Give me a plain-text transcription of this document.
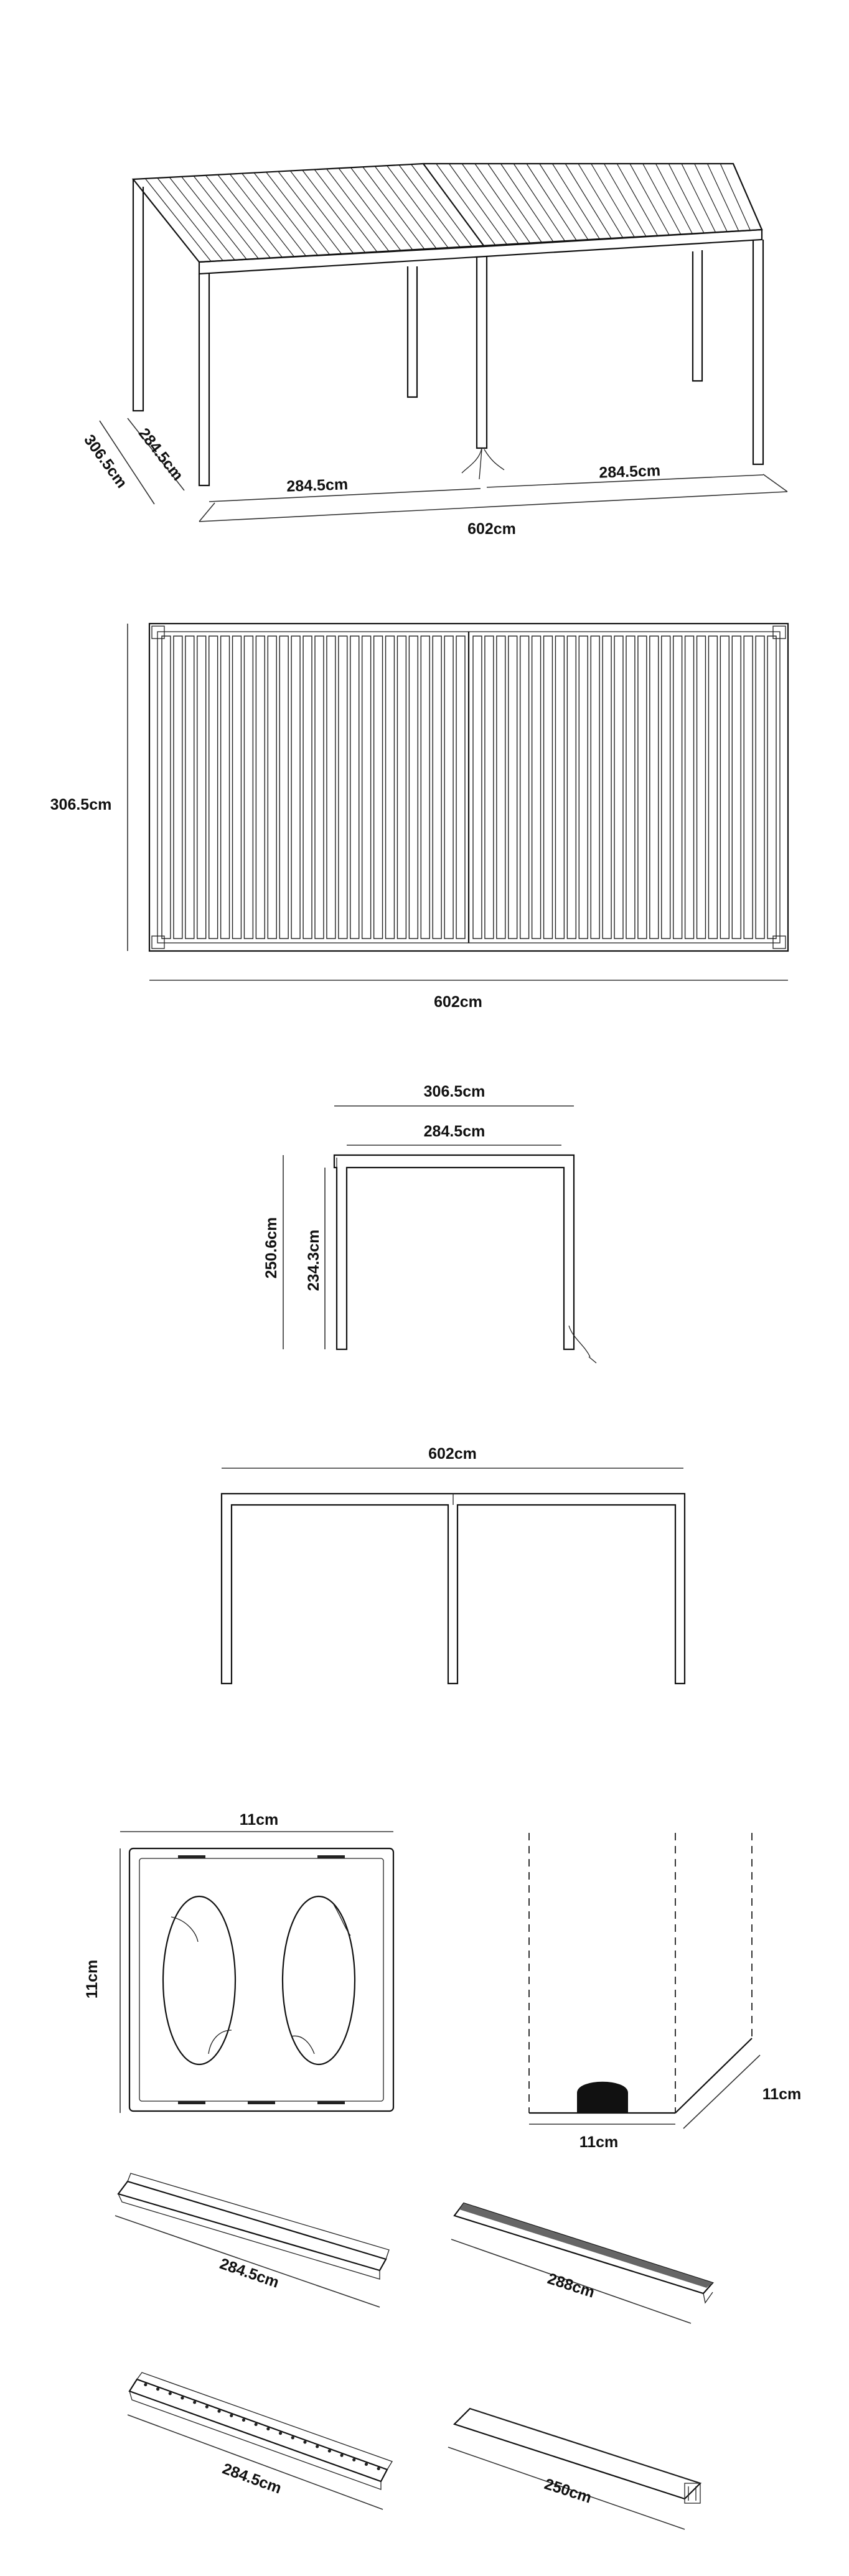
284.5cm
284.5cm
602cm
284.5cm
306.5cm
306.5cm
602cm
306.5cm
284.5cm
250.6cm 234.3cm
602cm
11cm
11cm
11cm
11cm
284.5cm	288cm
284.5cm	250cm
